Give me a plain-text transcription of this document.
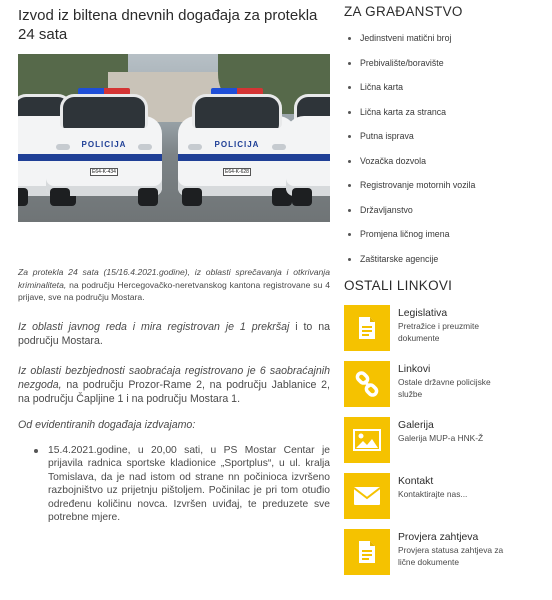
Izvod iz biltena dnevnih događaja za protekla 24 sata
POLICIJA
E64-K-434
POLICIJA
E64-K-628

Za protekla 24 sata (15/16.4.2021.godine), iz oblasti sprečavanja i otkrivanja kriminaliteta, na području Hercegovačko-neretvanskog kantona registrovane su 4 prijave, sve na području Mostara.

Iz oblasti javnog reda i mira registrovan je 1 prekršaj i to na području Mostara.

Iz oblasti bezbjednosti saobraćaja registrovano je 6 saobraćajnih nezgoda, na području Prozor-Rame 2, na području Jablanice 2, na području Čapljine 1 i na području Mostara 1.

Od evidentiranih događaja izdvajamo:

15.4.2021.godine, u 20,00 sati, u PS Mostar Centar je prijavila radnica sportske kladionice „Sportplus“, u ul. kralja Tomislava, da je nad istom od strane nn počinioca izvršeno razbojništvo uz prijetnju pištoljem. Počinilac je pri tom otuđio određenu količinu novca. Izvršen uviđaj, te preduzete sve potrebne mjere.
ZA GRAĐANSTVO
Jedinstveni matični broj
Prebivalište/boravište
Lična karta
Lična karta za stranca
Putna isprava
Vozačka dozvola
Registrovanje motornih vozila
Državljanstvo
Promjena ličnog imena
Zaštitarske agencije
OSTALI LINKOVI
Legislativa
Pretražice i preuzmite dokumente
Linkovi
Ostale državne policijske službe
Galerija
Galerija MUP-a HNK-Ž
Kontakt
Kontaktirajte nas...
Provjera zahtjeva
Provjera statusa zahtjeva za lične dokumente
